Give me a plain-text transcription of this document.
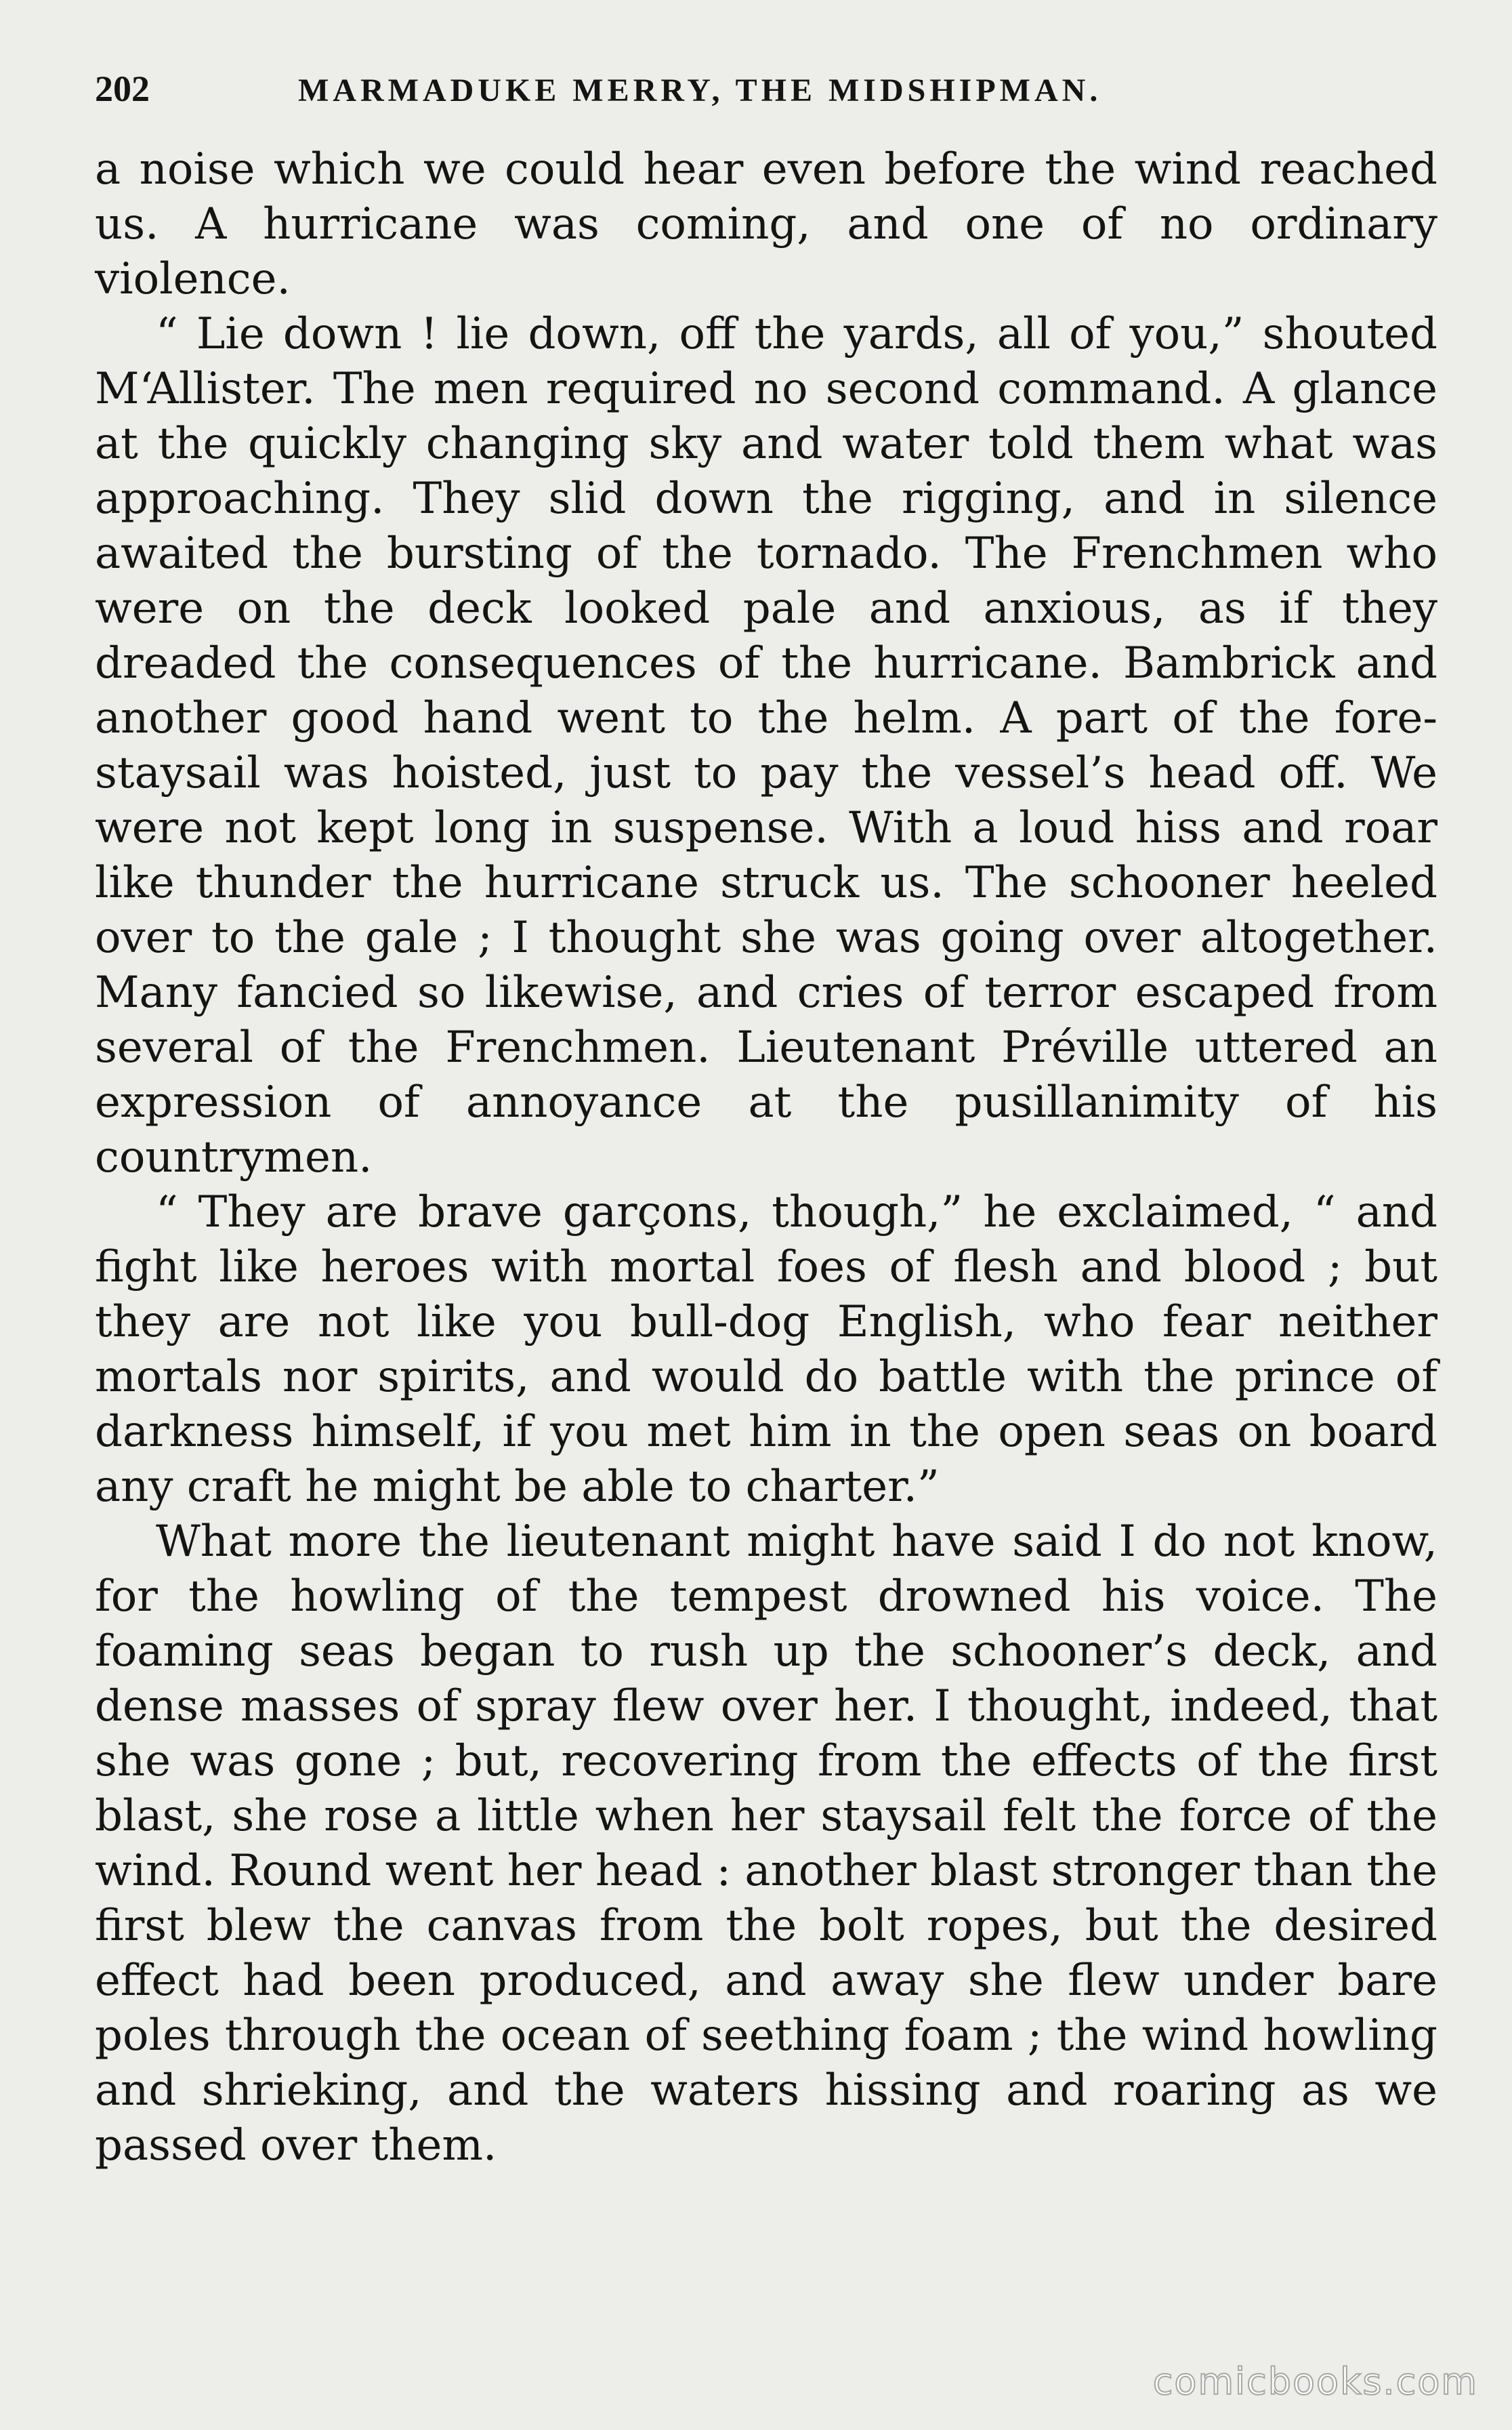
202	MARMADUKE MERRY, THE MIDSHIPMAN.

a noise which we could hear even before the wind reached us. A hurricane was coming, and one of no ordinary violence.

“ Lie down ! lie down, off the yards, all of you,” shouted M‘Allister. The men required no second command. A glance at the quickly changing sky and water told them what was approaching. They slid down the rigging, and in silence awaited the bursting of the tornado. The Frenchmen who were on the deck looked pale and anxious, as if they dreaded the consequences of the hurricane. Bambrick and another good hand went to the helm. A part of the fore-staysail was hoisted, just to pay the vessel’s head off. We were not kept long in suspense. With a loud hiss and roar like thunder the hurricane struck us. The schooner heeled over to the gale ; I thought she was going over altogether. Many fancied so likewise, and cries of terror escaped from several of the Frenchmen. Lieutenant Préville uttered an expression of annoyance at the pusillanimity of his countrymen.

“ They are brave garçons, though,” he exclaimed, “ and fight like heroes with mortal foes of flesh and blood ; but they are not like you bull-dog English, who fear neither mortals nor spirits, and would do battle with the prince of darkness himself, if you met him in the open seas on board any craft he might be able to charter.”

What more the lieutenant might have said I do not know, for the howling of the tempest drowned his voice. The foaming seas began to rush up the schooner’s deck, and dense masses of spray flew over her. I thought, indeed, that she was gone ; but, recovering from the effects of the first blast, she rose a little when her staysail felt the force of the wind. Round went her head : another blast stronger than the first blew the canvas from the bolt ropes, but the desired effect had been produced, and away she flew under bare poles through the ocean of seething foam ; the wind howling and shrieking, and the waters hissing and roaring as we passed over them.

comicbooks.com
